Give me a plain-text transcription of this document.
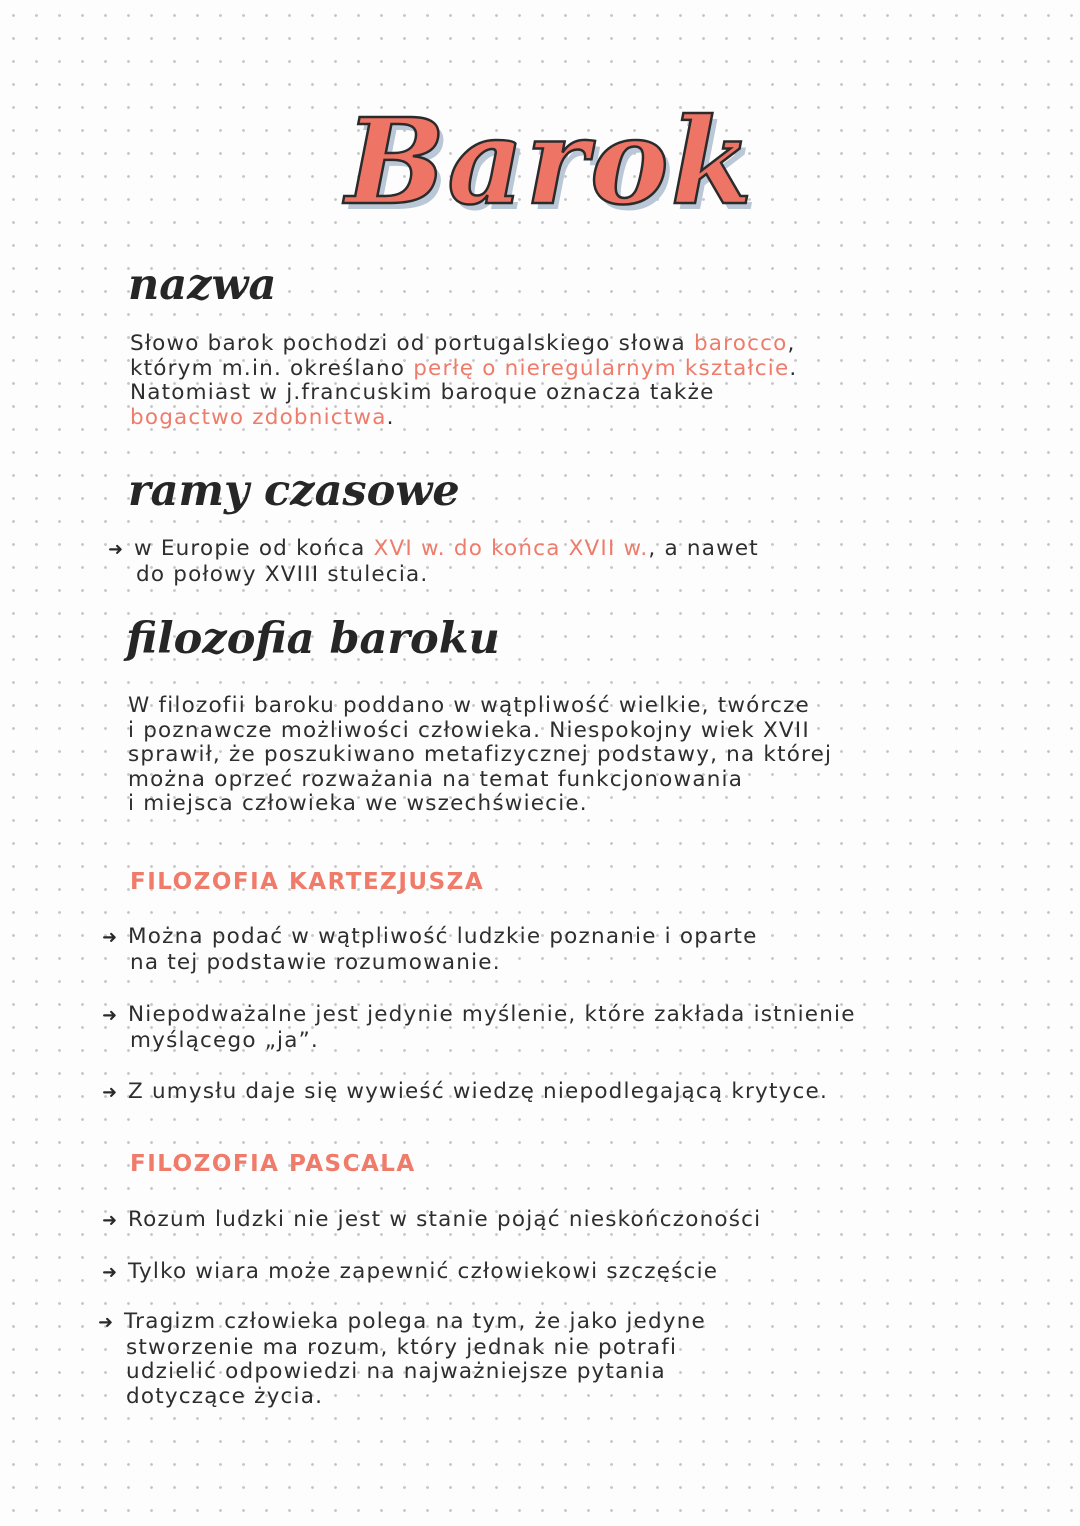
Barok
nazwa
Słowo barok pochodzi od portugalskiego słowa barocco,
którym m.in. określano perłę o nieregularnym kształcie.
Natomiast w j.francuskim baroque oznacza także
bogactwo zdobnictwa.
ramy czasowe
➜ w Europie od końca XVI w. do końca XVII w., a nawet
do połowy XVIII stulecia.
filozofia baroku
W filozofii baroku poddano w wątpliwość wielkie, twórcze
i poznawcze możliwości człowieka. Niespokojny wiek XVII
sprawił, że poszukiwano metafizycznej podstawy, na której
można oprzeć rozważania na temat funkcjonowania
i miejsca człowieka we wszechświecie.
FILOZOFIA KARTEZJUSZA
➜ Można podać w wątpliwość ludzkie poznanie i oparte
na tej podstawie rozumowanie.
➜ Niepodważalne jest jedynie myślenie, które zakłada istnienie
myślącego „ja”.
➜ Z umysłu daje się wywieść wiedzę niepodlegającą krytyce.
FILOZOFIA PASCALA
➜ Rozum ludzki nie jest w stanie pojąć nieskończoności
➜ Tylko wiara może zapewnić człowiekowi szczęście
➜ Tragizm człowieka polega na tym, że jako jedyne
stworzenie ma rozum, który jednak nie potrafi
udzielić odpowiedzi na najważniejsze pytania
dotyczące życia.
